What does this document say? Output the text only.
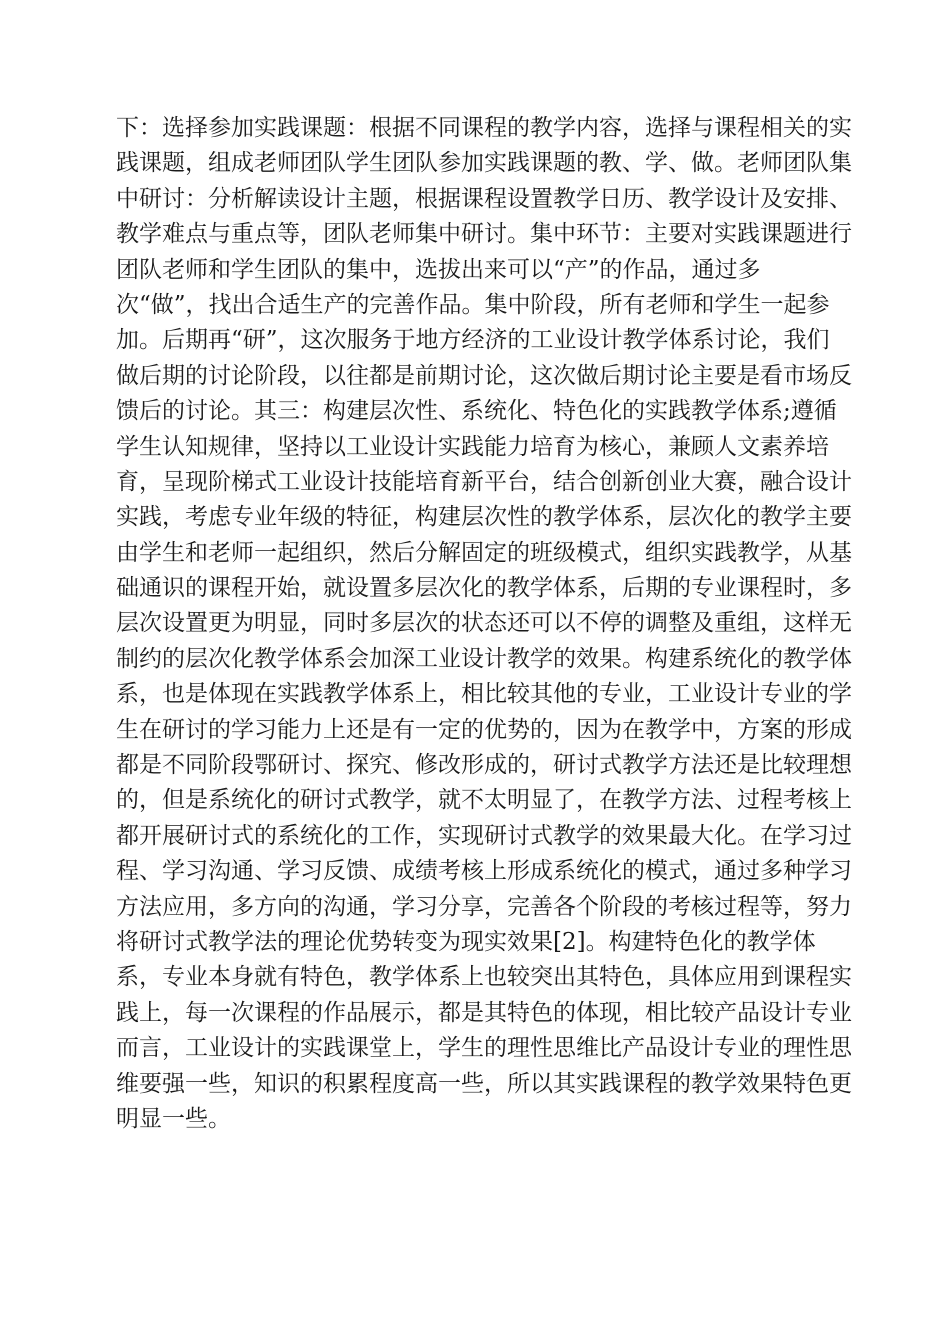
下：选择参加实践课题：根据不同课程的教学内容，选择与课程相关的实
践课题，组成老师团队学生团队参加实践课题的教、学、做。老师团队集
中研讨：分析解读设计主题，根据课程设置教学日历、教学设计及安排、
教学难点与重点等，团队老师集中研讨。集中环节：主要对实践课题进行
团队老师和学生团队的集中，选拔出来可以“产”的作品，通过多
次“做”，找出合适生产的完善作品。集中阶段，所有老师和学生一起参
加。后期再“研”，这次服务于地方经济的工业设计教学体系讨论，我们
做后期的讨论阶段，以往都是前期讨论，这次做后期讨论主要是看市场反
馈后的讨论。其三：构建层次性、系统化、特色化的实践教学体系;遵循
学生认知规律，坚持以工业设计实践能力培育为核心，兼顾人文素养培
育，呈现阶梯式工业设计技能培育新平台，结合创新创业大赛，融合设计
实践，考虑专业年级的特征，构建层次性的教学体系，层次化的教学主要
由学生和老师一起组织，然后分解固定的班级模式，组织实践教学，从基
础通识的课程开始，就设置多层次化的教学体系，后期的专业课程时，多
层次设置更为明显，同时多层次的状态还可以不停的调整及重组，这样无
制约的层次化教学体系会加深工业设计教学的效果。构建系统化的教学体
系，也是体现在实践教学体系上，相比较其他的专业，工业设计专业的学
生在研讨的学习能力上还是有一定的优势的，因为在教学中，方案的形成
都是不同阶段鄂研讨、探究、修改形成的，研讨式教学方法还是比较理想
的，但是系统化的研讨式教学，就不太明显了，在教学方法、过程考核上
都开展研讨式的系统化的工作，实现研讨式教学的效果最大化。在学习过
程、学习沟通、学习反馈、成绩考核上形成系统化的模式，通过多种学习
方法应用，多方向的沟通，学习分享，完善各个阶段的考核过程等，努力
将研讨式教学法的理论优势转变为现实效果[2]。构建特色化的教学体
系，专业本身就有特色，教学体系上也较突出其特色，具体应用到课程实
践上，每一次课程的作品展示，都是其特色的体现，相比较产品设计专业
而言，工业设计的实践课堂上，学生的理性思维比产品设计专业的理性思
维要强一些，知识的积累程度高一些，所以其实践课程的教学效果特色更
明显一些。
